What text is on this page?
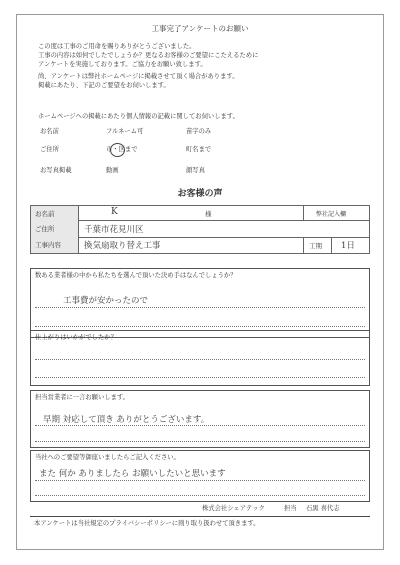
工事完了アンケートのお願い
この度は工事のご用命を賜りありがとうございました。
工事の内容は如何でしたでしょうか？更なるお客様のご要望にこたえるために
アンケートを実施しております。ご協力をお願い致します。
尚、アンケートは弊社ホームページに掲載させて頂く場合があります。
掲載にあたり、下記のご要望をお伺いします。
ホームページへの掲載にあたり個人情報の記載に関してお伺いします。
お名前	フルネーム可	苗字のみ
ご住所	市・区まで	町名まで
お写真掲載	動画	顔写真
お客様の声
弊社記入欄
お名前	K	様
ご住所	千葉市花見川区
工事内容	換気扇取り替え工事	工期 1日
数ある業者様の中から私たちを選んで頂いた決め手はなんでしょうか？
工事費が安かったので
仕上がりはいかがでしたか？
担当営業者に一言お願いします。
早期 対応して頂き ありがとうございます。
当社へのご要望等御座いましたらご記入ください。
また 何か ありましたら お願いしたいと思います
株式会社シェアテック	担当 石黒 喜代志
本アンケートは当社規定のプライバシーポリシーに則り取り扱わせて頂きます。
